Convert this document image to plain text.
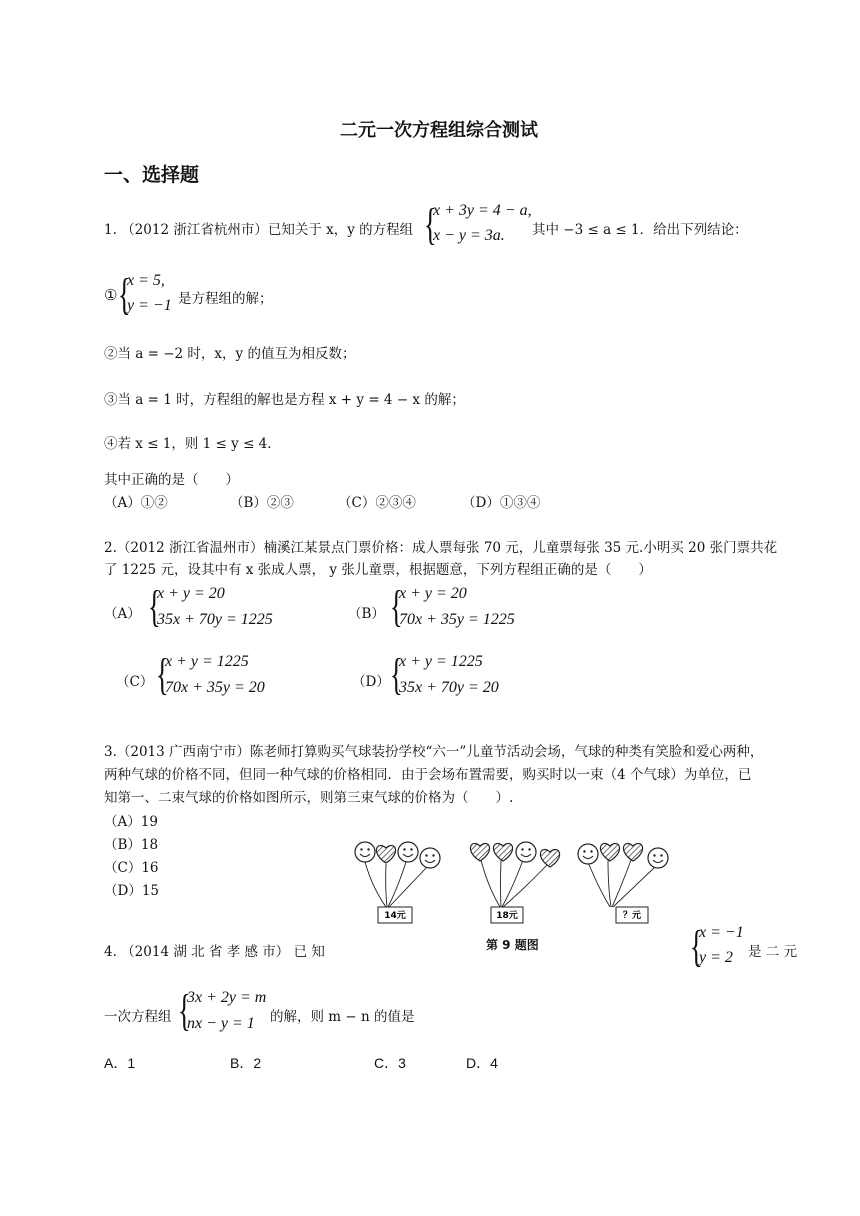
二元一次方程组综合测试
一、选择题
1. （2012 浙江省杭州市）已知关于 x，y 的方程组 {
x + 3y = 4 − a,
x − y = 3a. 其中 −3 ≤ a ≤ 1．给出下列结论：
① {
x = 5,
y = −1 是方程组的解；
②当 a = −2 时，x，y 的值互为相反数；
③当 a = 1 时，方程组的解也是方程 x + y = 4 − x 的解；
④若 x ≤ 1，则 1 ≤ y ≤ 4．
其中正确的是（　　）
（A）①②	（B）②③	（C）②③④	（D）①③④
2.（2012 浙江省温州市）楠溪江某景点门票价格：成人票每张 70 元，儿童票每张 35 元.小明买 20 张门票共花
了 1225 元，设其中有 x 张成人票， y 张儿童票，根据题意，下列方程组正确的是（　　）
（A） {
x + y = 20
35x + 70y = 1225	（B） {
x + y = 20
70x + 35y = 1225
（C） {
x + y = 1225
70x + 35y = 20	（D） {
x + y = 1225
35x + 70y = 20
3.（2013 广西南宁市）陈老师打算购买气球装扮学校“六一”儿童节活动会场，气球的种类有笑脸和爱心两种，
两种气球的价格不同，但同一种气球的价格相同．由于会场布置需要，购买时以一束（4 个气球）为单位，已
知第一、二束气球的价格如图所示，则第三束气球的价格为（　　）.
（A）19
（B）18
（C）16
（D）15
14元	18元	？元
第 9 题图
4. （2014 湖 北 省 孝 感 市） 已 知	{
x = −1
y = 2 是 二 元
一次方程组 {
3x + 2y = m
nx − y = 1 的解，则 m − n 的值是
A．1	B．2	C．3	D．4
